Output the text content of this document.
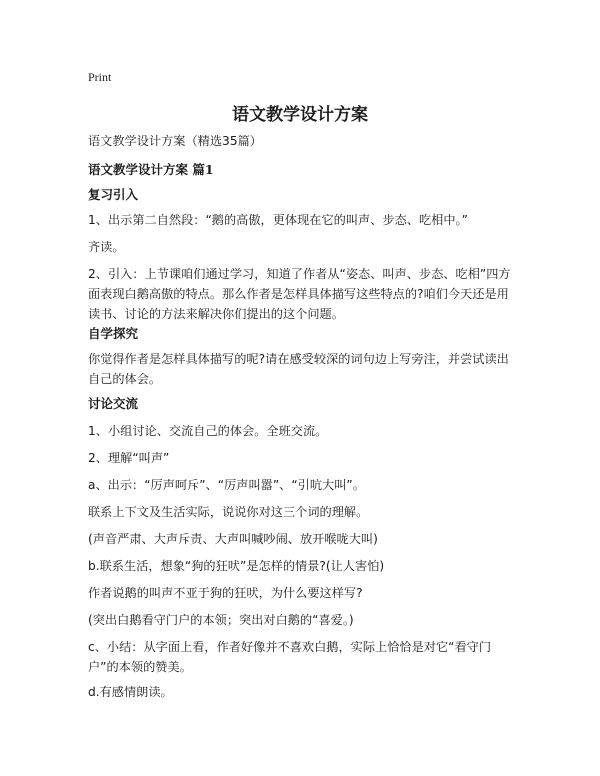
Print
语文教学设计方案
语文教学设计方案（精选35篇）
语文教学设计方案 篇1
复习引入
1、出示第二自然段：“鹅的高傲，更体现在它的叫声、步态、吃相中。”
齐读。
2、引入：上节课咱们通过学习，知道了作者从“姿态、叫声、步态、吃相”四方面表现白鹅高傲的特点。那么作者是怎样具体描写这些特点的?咱们今天还是用读书、讨论的方法来解决你们提出的这个问题。
自学探究
你觉得作者是怎样具体描写的呢?请在感受较深的词句边上写旁注，并尝试读出自己的体会。
讨论交流
1、小组讨论、交流自己的体会。全班交流。
2、理解“叫声”
a、出示：“厉声呵斥”、“厉声叫嚣”、“引吭大叫”。
联系上下文及生活实际，说说你对这三个词的理解。
(声音严肃、大声斥责、大声叫喊吵闹、放开喉咙大叫)
b.联系生活，想象“狗的狂吠”是怎样的情景?(让人害怕)
作者说鹅的叫声不亚于狗的狂吠，为什么要这样写?
(突出白鹅看守门户的本领；突出对白鹅的“喜爱。)
c、小结：从字面上看，作者好像并不喜欢白鹅，实际上恰恰是对它“看守门户”的本领的赞美。
d.有感情朗读。
